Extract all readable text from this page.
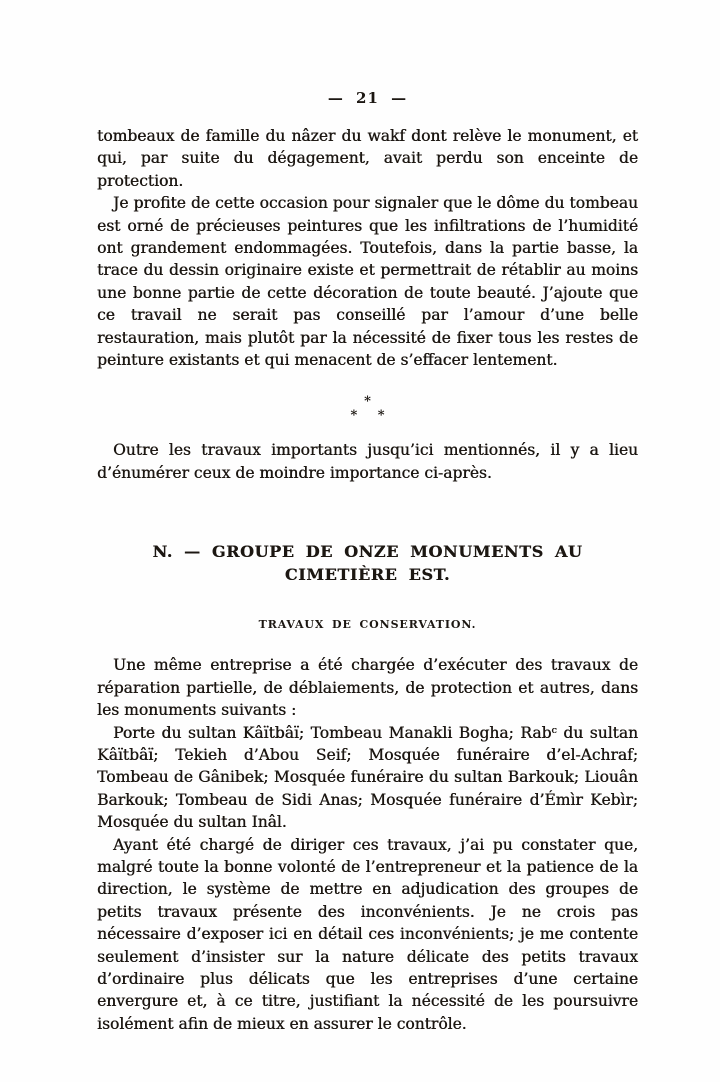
— 21 —

tombeaux de famille du nâzer du wakf dont relève le monument, et qui, par suite du dégagement, avait perdu son enceinte de protection.

Je profite de cette occasion pour signaler que le dôme du tombeau est orné de précieuses peintures que les infiltrations de l’humidité ont grandement endommagées. Toutefois, dans la partie basse, la trace du dessin originaire existe et permettrait de rétablir au moins une bonne partie de cette décoration de toute beauté. J’ajoute que ce travail ne serait pas conseillé par l’amour d’une belle restauration, mais plutôt par la nécessité de fixer tous les restes de peinture existants et qui menacent de s’effacer lentement.

*
* *

Outre les travaux importants jusqu’ici mentionnés, il y a lieu d’énumérer ceux de moindre importance ci-après.

N. — GROUPE DE ONZE MONUMENTS AU CIMETIÈRE EST.
TRAVAUX DE CONSERVATION.

Une même entreprise a été chargée d’exécuter des travaux de réparation partielle, de déblaiements, de protection et autres, dans les monuments suivants :

Porte du sultan Kâïtbâï; Tombeau Manakli Bogha; Rabᶜ du sultan Kâïtbâï; Tekieh d’Abou Seif; Mosquée funéraire d’el-Achraf; Tombeau de Gânibek; Mosquée funéraire du sultan Barkouk; Liouân Barkouk; Tombeau de Sidi Anas; Mosquée funéraire d’Émìr Kebìr; Mosquée du sultan Inâl.

Ayant été chargé de diriger ces travaux, j’ai pu constater que, malgré toute la bonne volonté de l’entrepreneur et la patience de la direction, le système de mettre en adjudication des groupes de petits travaux présente des inconvénients. Je ne crois pas nécessaire d’exposer ici en détail ces inconvénients; je me contente seulement d’insister sur la nature délicate des petits travaux d’ordinaire plus délicats que les entreprises d’une certaine envergure et, à ce titre, justifiant la nécessité de les poursuivre isolément afin de mieux en assurer le contrôle.
